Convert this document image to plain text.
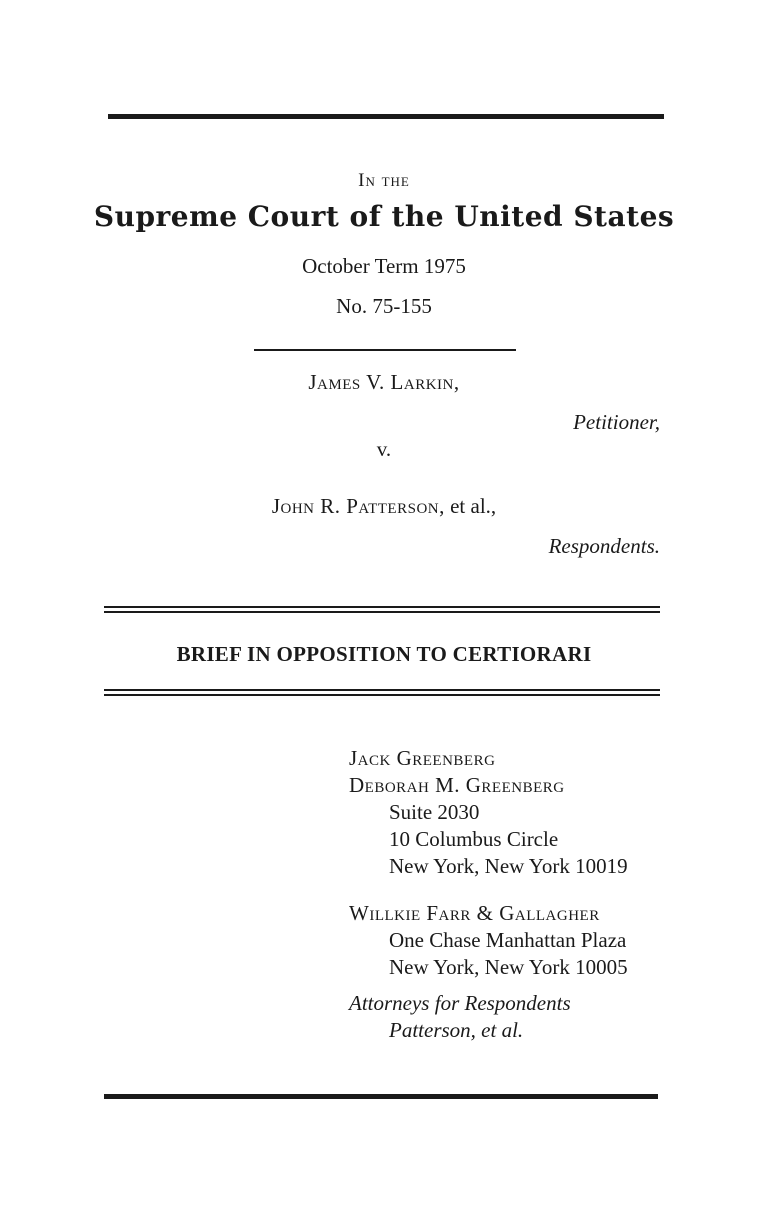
In the
Supreme Court of the United States
October Term 1975
No. 75-155
James V. Larkin,
Petitioner,
v.
John R. Patterson, et al.,
Respondents.
BRIEF IN OPPOSITION TO CERTIORARI
Jack Greenberg
Deborah M. Greenberg
Suite 2030
10 Columbus Circle
New York, New York 10019
Willkie Farr & Gallagher
One Chase Manhattan Plaza
New York, New York 10005
Attorneys for Respondents
Patterson, et al.
